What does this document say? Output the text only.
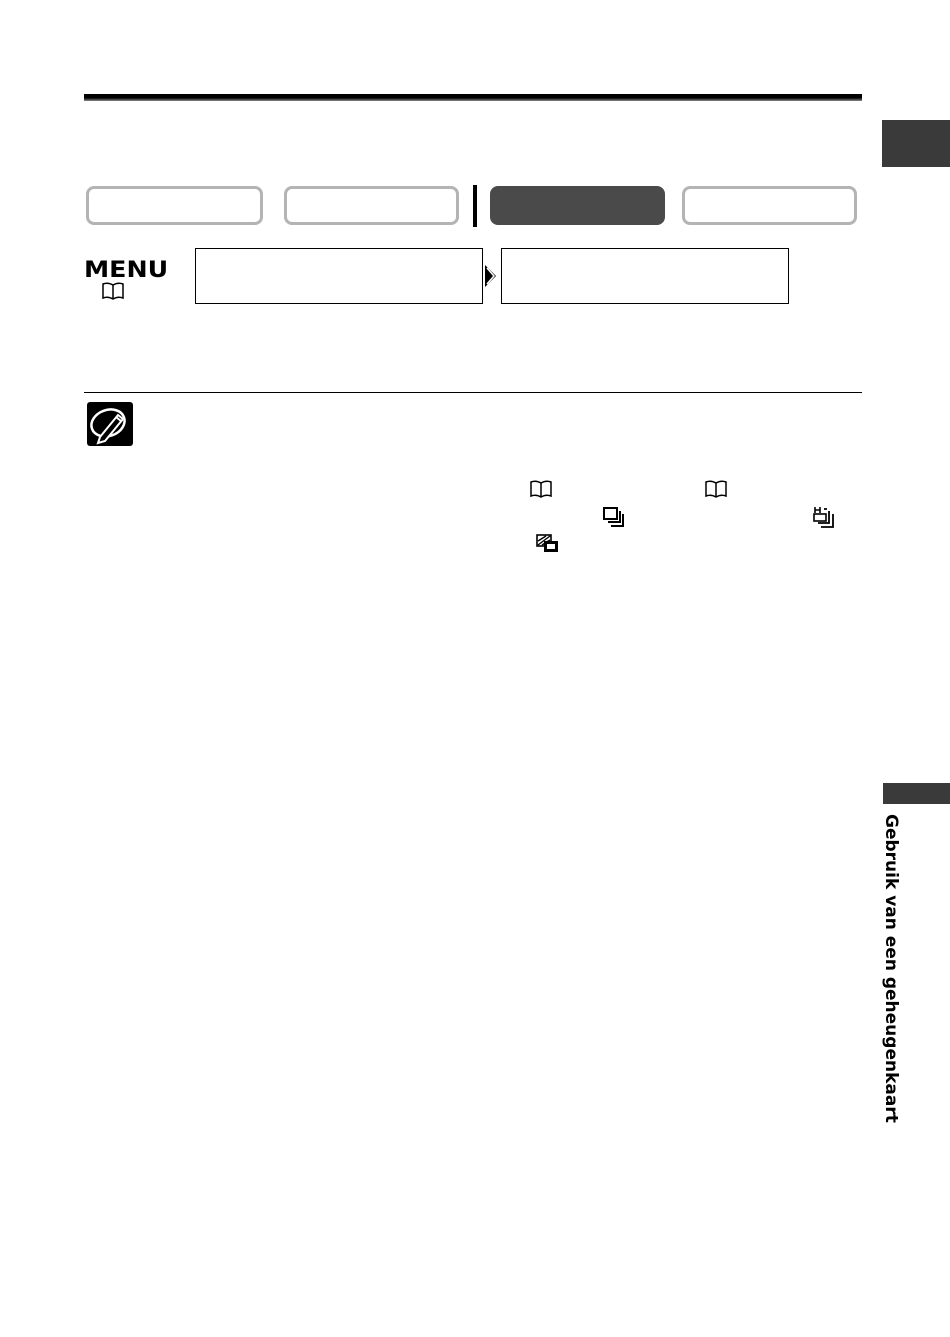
MENU
Gebruik van een geheugenkaart
